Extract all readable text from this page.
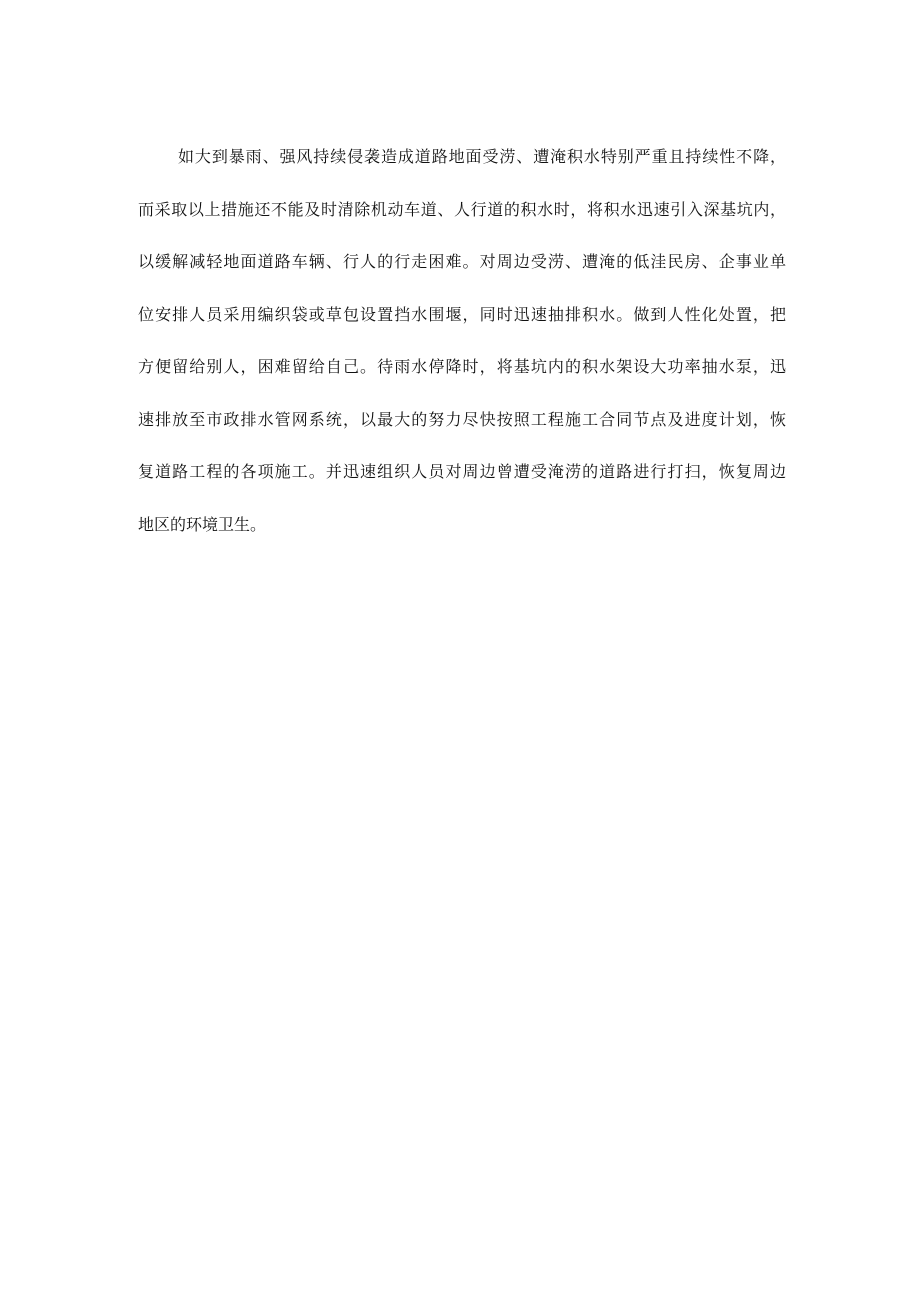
如大到暴雨、强风持续侵袭造成道路地面受涝、遭淹积水特别严重且持续性不降，
而采取以上措施还不能及时清除机动车道、人行道的积水时，将积水迅速引入深基坑内，
以缓解减轻地面道路车辆、行人的行走困难。对周边受涝、遭淹的低洼民房、企事业单
位安排人员采用编织袋或草包设置挡水围堰，同时迅速抽排积水。做到人性化处置，把
方便留给别人，困难留给自己。待雨水停降时，将基坑内的积水架设大功率抽水泵，迅
速排放至市政排水管网系统，以最大的努力尽快按照工程施工合同节点及进度计划，恢
复道路工程的各项施工。并迅速组织人员对周边曾遭受淹涝的道路进行打扫，恢复周边
地区的环境卫生。
